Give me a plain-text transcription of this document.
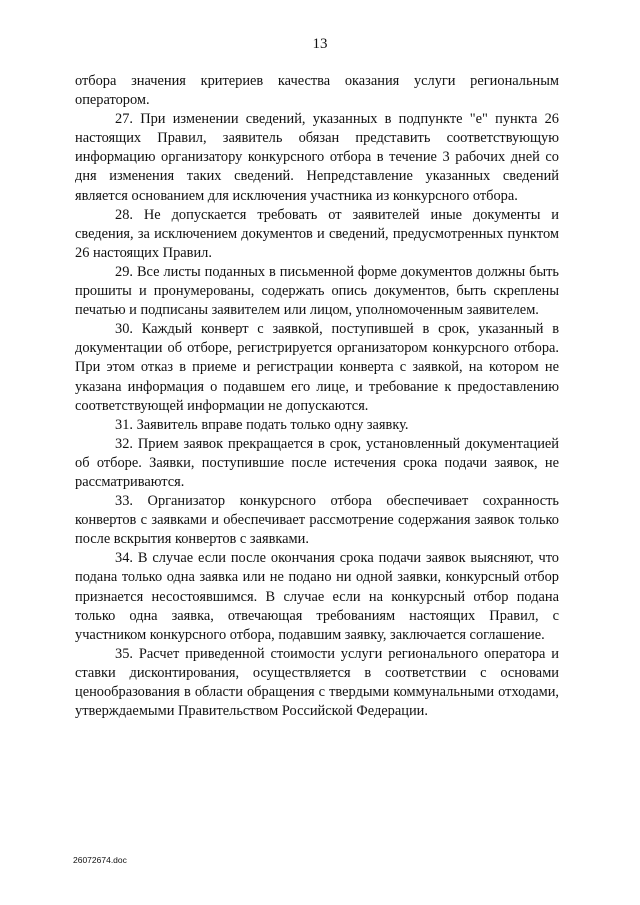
13

отбора значения критериев качества оказания услуги региональным оператором.

27. При изменении сведений, указанных в подпункте "е" пункта 26 настоящих Правил, заявитель обязан представить соответствующую информацию организатору конкурсного отбора в течение 3 рабочих дней со дня изменения таких сведений. Непредставление указанных сведений является основанием для исключения участника из конкурсного отбора.

28. Не допускается требовать от заявителей иные документы и сведения, за исключением документов и сведений, предусмотренных пунктом 26 настоящих Правил.

29. Все листы поданных в письменной форме документов должны быть прошиты и пронумерованы, содержать опись документов, быть скреплены печатью и подписаны заявителем или лицом, уполномоченным заявителем.

30. Каждый конверт с заявкой, поступившей в срок, указанный в документации об отборе, регистрируется организатором конкурсного отбора. При этом отказ в приеме и регистрации конверта с заявкой, на котором не указана информация о подавшем его лице, и требование к предоставлению соответствующей информации не допускаются.

31. Заявитель вправе подать только одну заявку.

32. Прием заявок прекращается в срок, установленный документацией об отборе. Заявки, поступившие после истечения срока подачи заявок, не рассматриваются.

33. Организатор конкурсного отбора обеспечивает сохранность конвертов с заявками и обеспечивает рассмотрение содержания заявок только после вскрытия конвертов с заявками.

34. В случае если после окончания срока подачи заявок выясняют, что подана только одна заявка или не подано ни одной заявки, конкурсный отбор признается несостоявшимся. В случае если на конкурсный отбор подана только одна заявка, отвечающая требованиям настоящих Правил, с участником конкурсного отбора, подавшим заявку, заключается соглашение.

35. Расчет приведенной стоимости услуги регионального оператора и ставки дисконтирования, осуществляется в соответствии с основами ценообразования в области обращения с твердыми коммунальными отходами, утверждаемыми Правительством Российской Федерации.

26072674.doc
